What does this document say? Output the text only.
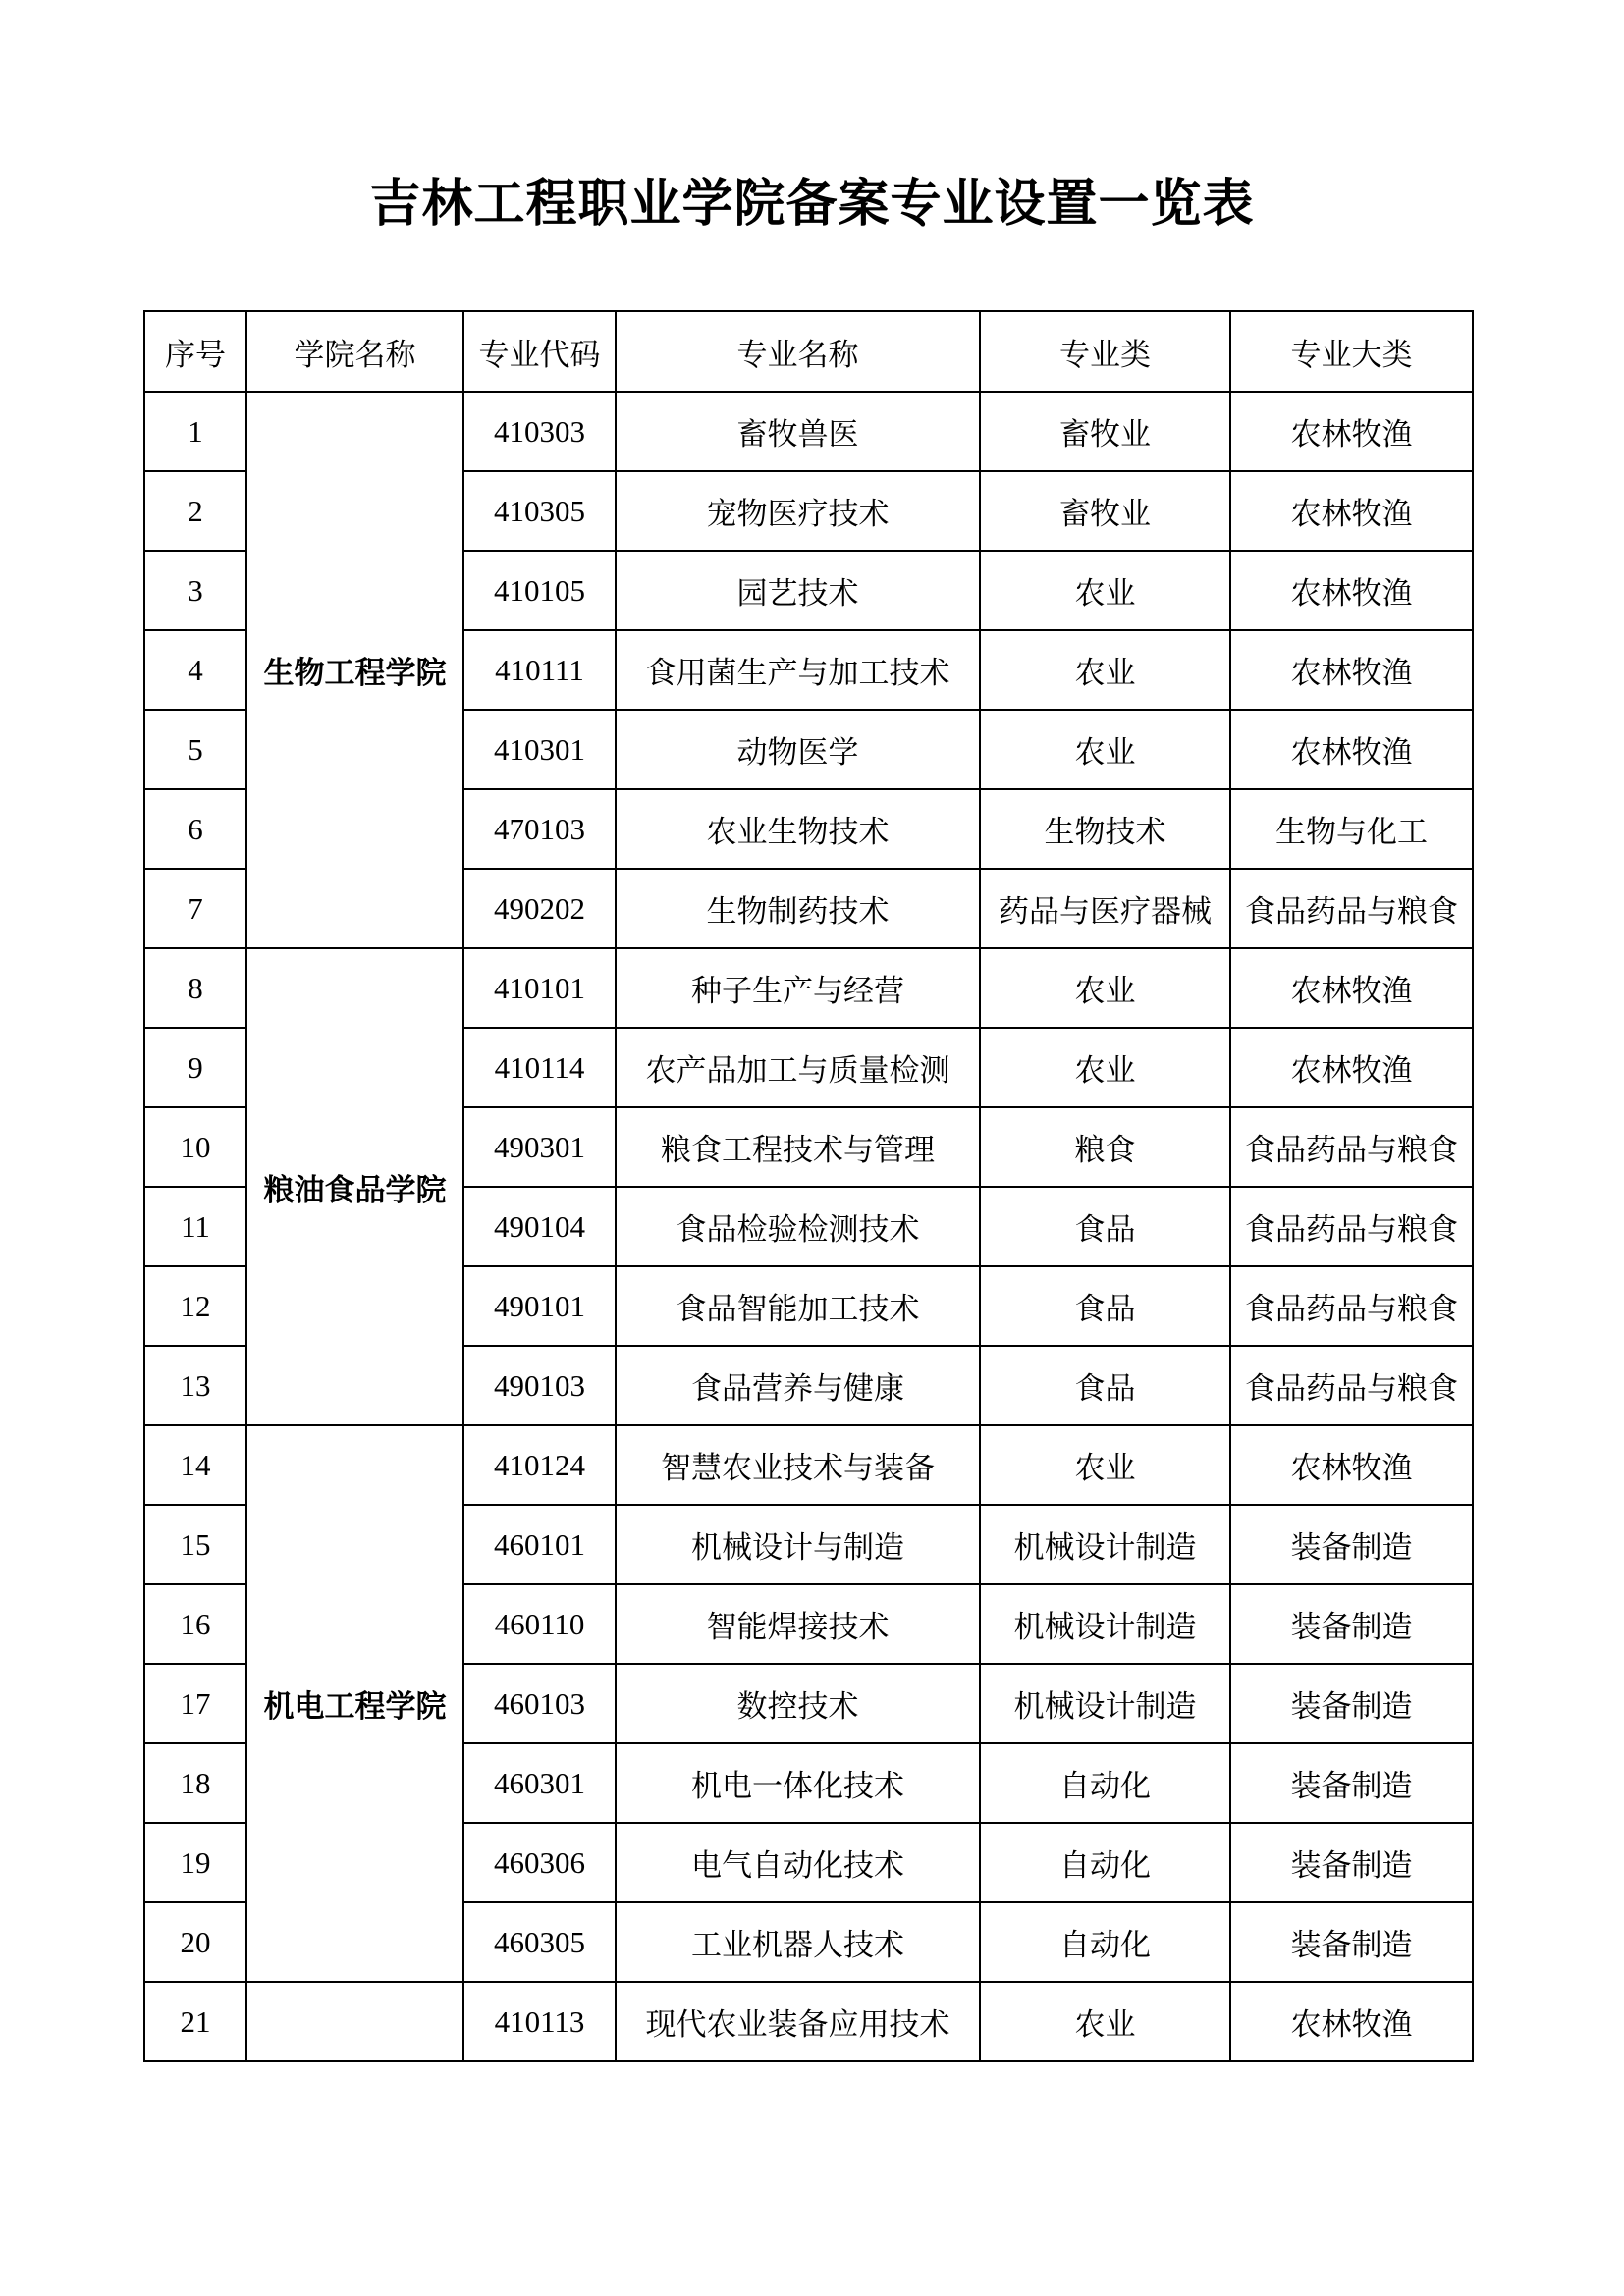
吉林工程职业学院备案专业设置一览表
序号	学院名称	专业代码	专业名称	专业类	专业大类
1	生物工程学院	410303	畜牧兽医	畜牧业	农林牧渔
2		410305	宠物医疗技术	畜牧业	农林牧渔
3		410105	园艺技术	农业	农林牧渔
4		410111	食用菌生产与加工技术	农业	农林牧渔
5		410301	动物医学	农业	农林牧渔
6		470103	农业生物技术	生物技术	生物与化工
7		490202	生物制药技术	药品与医疗器械	食品药品与粮食
8	粮油食品学院	410101	种子生产与经营	农业	农林牧渔
9		410114	农产品加工与质量检测	农业	农林牧渔
10		490301	粮食工程技术与管理	粮食	食品药品与粮食
11		490104	食品检验检测技术	食品	食品药品与粮食
12		490101	食品智能加工技术	食品	食品药品与粮食
13		490103	食品营养与健康	食品	食品药品与粮食
14	机电工程学院	410124	智慧农业技术与装备	农业	农林牧渔
15		460101	机械设计与制造	机械设计制造	装备制造
16		460110	智能焊接技术	机械设计制造	装备制造
17		460103	数控技术	机械设计制造	装备制造
18		460301	机电一体化技术	自动化	装备制造
19		460306	电气自动化技术	自动化	装备制造
20		460305	工业机器人技术	自动化	装备制造
21		410113	现代农业装备应用技术	农业	农林牧渔
